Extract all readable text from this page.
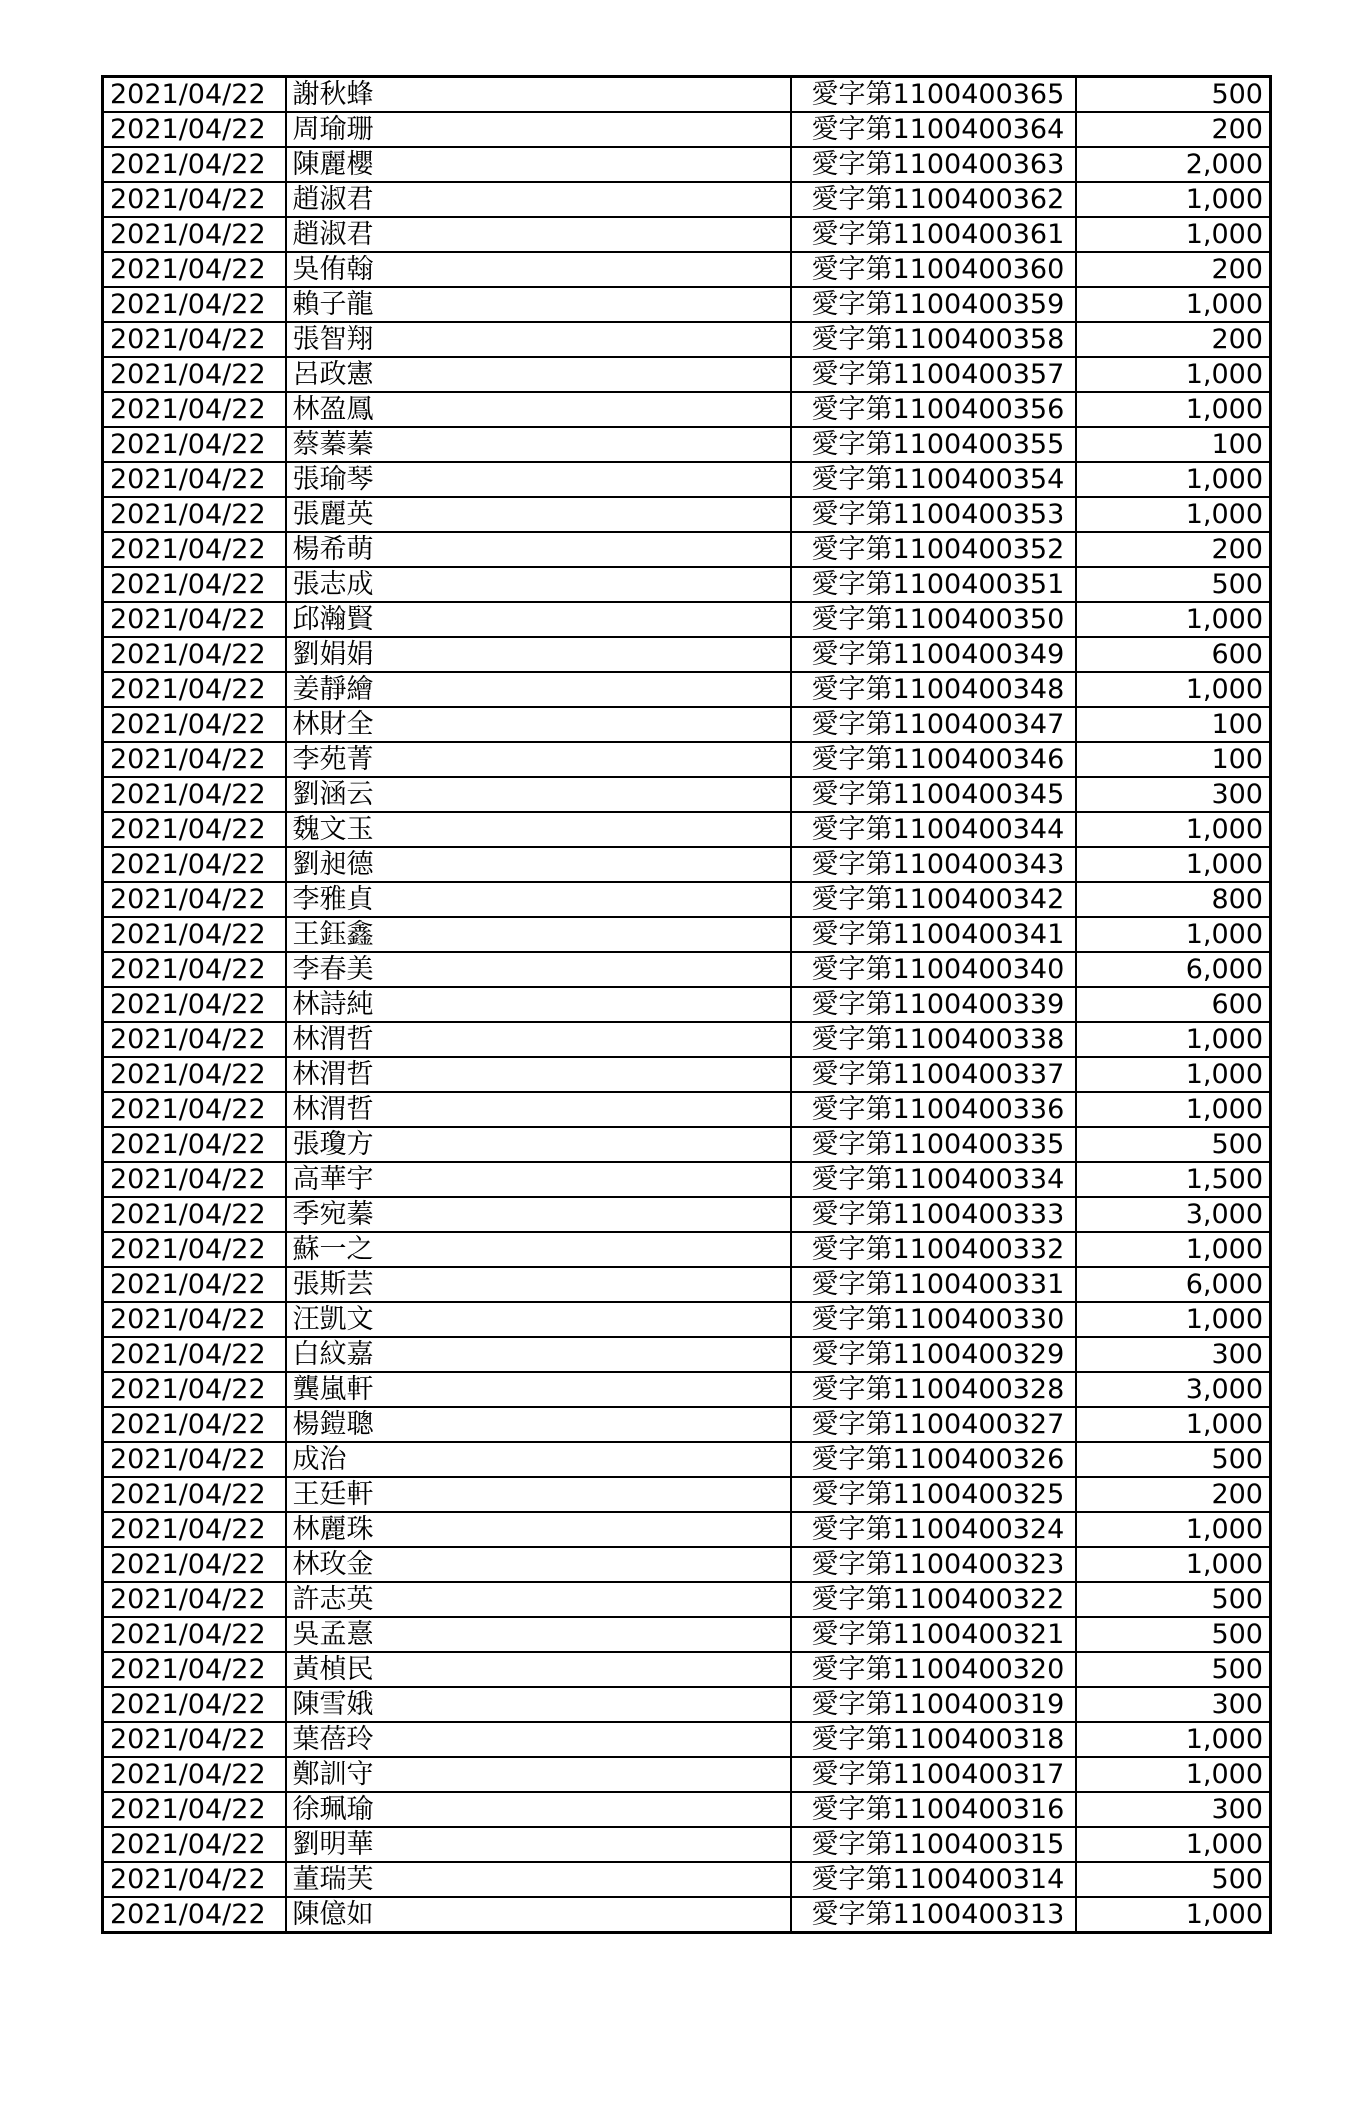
2021/04/22	謝秋蜂	愛字第1100400365	500
2021/04/22	周瑜珊	愛字第1100400364	200
2021/04/22	陳麗櫻	愛字第1100400363	2,000
2021/04/22	趙淑君	愛字第1100400362	1,000
2021/04/22	趙淑君	愛字第1100400361	1,000
2021/04/22	吳侑翰	愛字第1100400360	200
2021/04/22	賴子龍	愛字第1100400359	1,000
2021/04/22	張智翔	愛字第1100400358	200
2021/04/22	呂政憲	愛字第1100400357	1,000
2021/04/22	林盈鳳	愛字第1100400356	1,000
2021/04/22	蔡蓁蓁	愛字第1100400355	100
2021/04/22	張瑜琴	愛字第1100400354	1,000
2021/04/22	張麗英	愛字第1100400353	1,000
2021/04/22	楊希萌	愛字第1100400352	200
2021/04/22	張志成	愛字第1100400351	500
2021/04/22	邱瀚賢	愛字第1100400350	1,000
2021/04/22	劉娟娟	愛字第1100400349	600
2021/04/22	姜靜繪	愛字第1100400348	1,000
2021/04/22	林財全	愛字第1100400347	100
2021/04/22	李苑菁	愛字第1100400346	100
2021/04/22	劉涵云	愛字第1100400345	300
2021/04/22	魏文玉	愛字第1100400344	1,000
2021/04/22	劉昶德	愛字第1100400343	1,000
2021/04/22	李雅貞	愛字第1100400342	800
2021/04/22	王鈺鑫	愛字第1100400341	1,000
2021/04/22	李春美	愛字第1100400340	6,000
2021/04/22	林詩純	愛字第1100400339	600
2021/04/22	林渭哲	愛字第1100400338	1,000
2021/04/22	林渭哲	愛字第1100400337	1,000
2021/04/22	林渭哲	愛字第1100400336	1,000
2021/04/22	張瓊方	愛字第1100400335	500
2021/04/22	高華宇	愛字第1100400334	1,500
2021/04/22	季宛蓁	愛字第1100400333	3,000
2021/04/22	蘇一之	愛字第1100400332	1,000
2021/04/22	張斯芸	愛字第1100400331	6,000
2021/04/22	汪凱文	愛字第1100400330	1,000
2021/04/22	白紋嘉	愛字第1100400329	300
2021/04/22	龔嵐軒	愛字第1100400328	3,000
2021/04/22	楊鎧聰	愛字第1100400327	1,000
2021/04/22	成治	愛字第1100400326	500
2021/04/22	王廷軒	愛字第1100400325	200
2021/04/22	林麗珠	愛字第1100400324	1,000
2021/04/22	林玫金	愛字第1100400323	1,000
2021/04/22	許志英	愛字第1100400322	500
2021/04/22	吳孟憙	愛字第1100400321	500
2021/04/22	黃楨民	愛字第1100400320	500
2021/04/22	陳雪娥	愛字第1100400319	300
2021/04/22	葉蓓玲	愛字第1100400318	1,000
2021/04/22	鄭訓守	愛字第1100400317	1,000
2021/04/22	徐珮瑜	愛字第1100400316	300
2021/04/22	劉明華	愛字第1100400315	1,000
2021/04/22	董瑞芙	愛字第1100400314	500
2021/04/22	陳億如	愛字第1100400313	1,000
